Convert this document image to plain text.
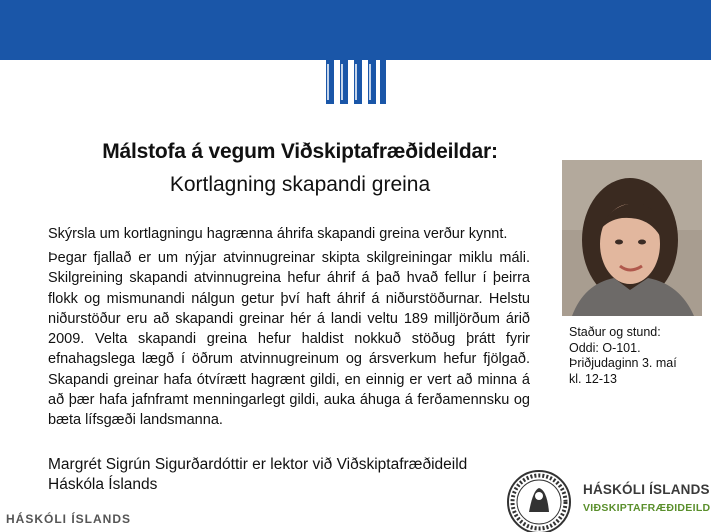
Málstofa á vegum Viðskiptafræðideildar:
Kortlagning skapandi greina
Skýrsla um kortlagningu hagrænna áhrifa skapandi greina verður kynnt.
Þegar fjallað er um nýjar atvinnugreinar skipta skilgreiningar miklu máli. Skilgreining skapandi atvinnugreina hefur áhrif á það hvað fellur í þeirra flokk og mismunandi nálgun getur því haft áhrif á niðurstöðurnar. Helstu niðurstöður eru að skapandi greinar hér á landi veltu 189 milljörðum árið 2009. Velta skapandi greina hefur haldist nokkuð stöðug þrátt fyrir efnahagslega lægð í öðrum atvinnugreinum og ársverkum hefur fjölgað. Skapandi greinar hafa ótvírætt hagrænt gildi, en einnig er vert að minna á að þær hafa jafnframt menningarlegt gildi, auka áhuga á ferðamennsku og bæta lífsgæði landsmanna.
Margrét Sigrún Sigurðardóttir er lektor við Viðskiptafræðideild
Háskóla Íslands
Staður og stund:
Oddi: O-101.
Þriðjudaginn 3. maí
kl. 12-13
HÁSKÓLI ÍSLANDS
HÁSKÓLI ÍSLANDS
VIÐSKIPTAFRÆÐIDEILD
